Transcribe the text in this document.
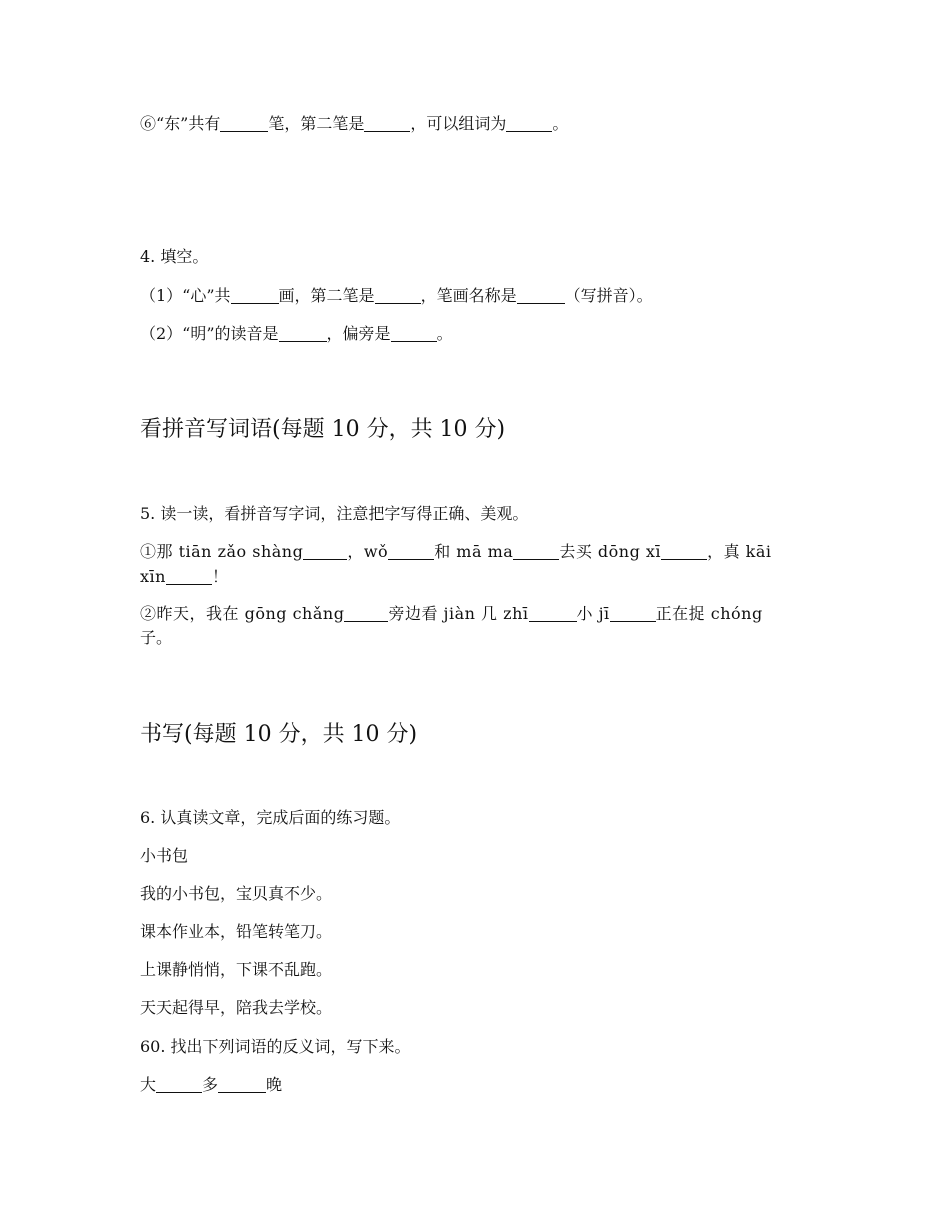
⑥“东”共有	笔，第二笔是	，可以组词为	。
4. 填空。
（1）“心”共	画，第二笔是	，笔画名称是	（写拼音）。
（2）“明”的读音是	，偏旁是	。
看拼音写词语(每题 10 分，共 10 分)
5. 读一读，看拼音写字词，注意把字写得正确、美观。
①那 tiān zǎo shàng	，wǒ	和 mā ma	去买 dōng xī	，真 kāi
xīn	！
②昨天，我在 gōng chǎng	旁边看 jiàn 几 zhī	小 jī	正在捉 chóng
子。
书写(每题 10 分，共 10 分)
6. 认真读文章，完成后面的练习题。
小书包
我的小书包，宝贝真不少。
课本作业本，铅笔转笔刀。
上课静悄悄，下课不乱跑。
天天起得早，陪我去学校。
60. 找出下列词语的反义词，写下来。
大	多	晚
